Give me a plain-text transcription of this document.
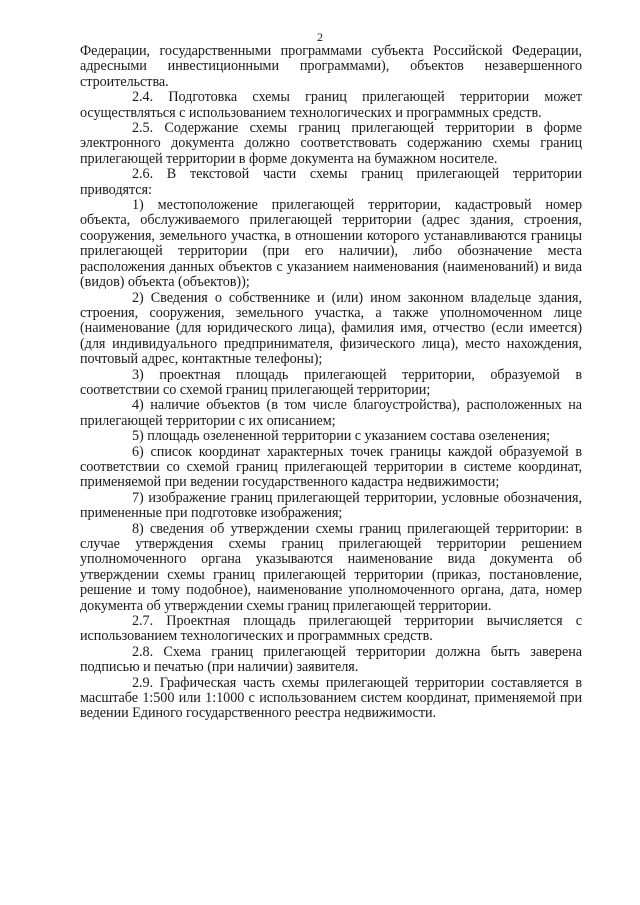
2

Федерации, государственными программами субъекта Российской Федерации, адресными инвестиционными программами), объектов незавершенного строительства.

2.4. Подготовка схемы границ прилегающей территории может осуществляться с использованием технологических и программных средств.

2.5. Содержание схемы границ прилегающей территории в форме электронного документа должно соответствовать содержанию схемы границ прилегающей территории в форме документа на бумажном носителе.

2.6. В текстовой части схемы границ прилегающей территории приводятся:

1) местоположение прилегающей территории, кадастровый номер объекта, обслуживаемого прилегающей территории (адрес здания, строения, сооружения, земельного участка, в отношении которого устанавливаются границы прилегающей территории (при его наличии), либо обозначение места расположения данных объектов с указанием наименования (наименований) и вида (видов) объекта (объектов));

2) Сведения о собственнике и (или) ином законном владельце здания, строения, сооружения, земельного участка, а также уполномоченном лице (наименование (для юридического лица), фамилия имя, отчество (если имеется) (для индивидуального предпринимателя, физического лица), место нахождения, почтовый адрес, контактные телефоны);

3) проектная площадь прилегающей территории, образуемой в соответствии со схемой границ прилегающей территории;

4) наличие объектов (в том числе благоустройства), расположенных на прилегающей территории с их описанием;

5) площадь озелененной территории с указанием состава озеленения;

6) список координат характерных точек границы каждой образуемой в соответствии со схемой границ прилегающей территории в системе координат, применяемой при ведении государственного кадастра недвижимости;

7) изображение границ прилегающей территории, условные обозначения, примененные при подготовке изображения;

8) сведения об утверждении схемы границ прилегающей территории: в случае утверждения схемы границ прилегающей территории решением уполномоченного органа указываются наименование вида документа об утверждении схемы границ прилегающей территории (приказ, постановление, решение и тому подобное), наименование уполномоченного органа, дата, номер документа об утверждении схемы границ прилегающей территории.

2.7. Проектная площадь прилегающей территории вычисляется с использованием технологических и программных средств.

2.8. Схема границ прилегающей территории должна быть заверена подписью и печатью (при наличии) заявителя.

2.9. Графическая часть схемы прилегающей территории составляется в масштабе 1:500 или 1:1000 с использованием систем координат, применяемой при ведении Единого государственного реестра недвижимости.
